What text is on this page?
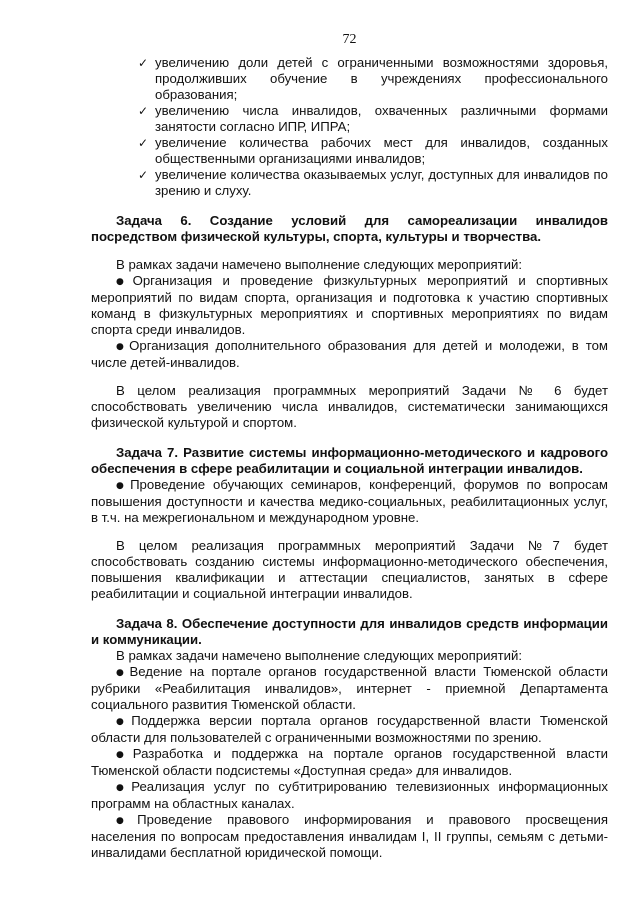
72
✓ увеличению доли детей с ограниченными возможностями здоровья, продолживших обучение в учреждениях профессионального образования;
✓ увеличению числа инвалидов, охваченных различными формами занятости согласно ИПР, ИПРА;
✓ увеличение количества рабочих мест для инвалидов, созданных общественными организациями инвалидов;
✓ увеличение количества оказываемых услуг, доступных для инвалидов по зрению и слуху.

Задача 6. Создание условий для самореализации инвалидов посредством физической культуры, спорта, культуры и творчества.

В рамках задачи намечено выполнение следующих мероприятий:

● Организация и проведение физкультурных мероприятий и спортивных мероприятий по видам спорта, организация и подготовка к участию спортивных команд в физкультурных мероприятиях и спортивных мероприятиях по видам спорта среди инвалидов.

● Организация дополнительного образования для детей и молодежи, в том числе детей-инвалидов.

В целом реализация программных мероприятий Задачи № 6 будет способствовать увеличению числа инвалидов, систематически занимающихся физической культурой и спортом.

Задача 7. Развитие системы информационно-методического и кадрового обеспечения в сфере реабилитации и социальной интеграции инвалидов.

● Проведение обучающих семинаров, конференций, форумов по вопросам повышения доступности и качества медико-социальных, реабилитационных услуг, в т.ч. на межрегиональном и международном уровне.

В целом реализация программных мероприятий Задачи №7 будет способствовать созданию системы информационно-методического обеспечения, повышения квалификации и аттестации специалистов, занятых в сфере реабилитации и социальной интеграции инвалидов.

Задача 8. Обеспечение доступности для инвалидов средств информации и коммуникации.

В рамках задачи намечено выполнение следующих мероприятий:

● Ведение на портале органов государственной власти Тюменской области рубрики «Реабилитация инвалидов», интернет - приемной Департамента социального развития Тюменской области.

● Поддержка версии портала органов государственной власти Тюменской области для пользователей с ограниченными возможностями по зрению.

● Разработка и поддержка на портале органов государственной власти Тюменской области подсистемы «Доступная среда» для инвалидов.

● Реализация услуг по субтитрированию телевизионных информационных программ на областных каналах.

● Проведение правового информирования и правового просвещения населения по вопросам предоставления инвалидам I, II группы, семьям с детьми-инвалидами бесплатной юридической помощи.
